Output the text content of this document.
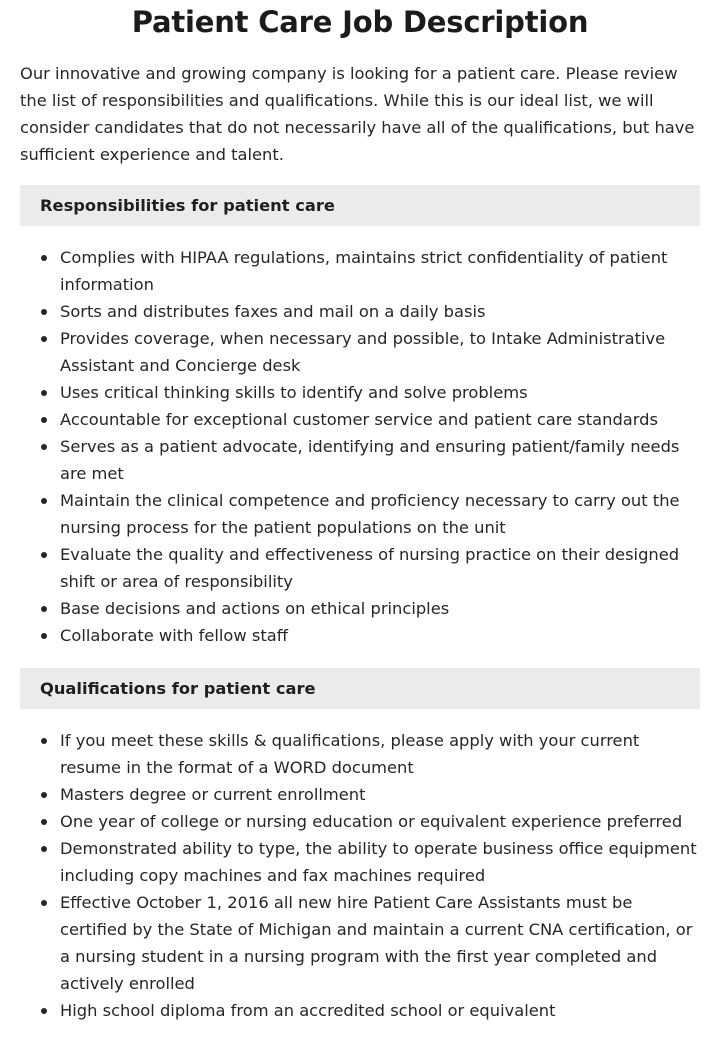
Patient Care Job Description

Our innovative and growing company is looking for a patient care. Please review the list of responsibilities and qualifications. While this is our ideal list, we will consider candidates that do not necessarily have all of the qualifications, but have sufficient experience and talent.

Responsibilities for patient care
Complies with HIPAA regulations, maintains strict confidentiality of patient information
Sorts and distributes faxes and mail on a daily basis
Provides coverage, when necessary and possible, to Intake Administrative Assistant and Concierge desk
Uses critical thinking skills to identify and solve problems
Accountable for exceptional customer service and patient care standards
Serves as a patient advocate, identifying and ensuring patient/family needs are met
Maintain the clinical competence and proficiency necessary to carry out the nursing process for the patient populations on the unit
Evaluate the quality and effectiveness of nursing practice on their designed shift or area of responsibility
Base decisions and actions on ethical principles
Collaborate with fellow staff
Qualifications for patient care
If you meet these skills & qualifications, please apply with your current resume in the format of a WORD document
Masters degree or current enrollment
One year of college or nursing education or equivalent experience preferred
Demonstrated ability to type, the ability to operate business office equipment including copy machines and fax machines required
Effective October 1, 2016 all new hire Patient Care Assistants must be certified by the State of Michigan and maintain a current CNA certification, or a nursing student in a nursing program with the first year completed and actively enrolled
High school diploma from an accredited school or equivalent
